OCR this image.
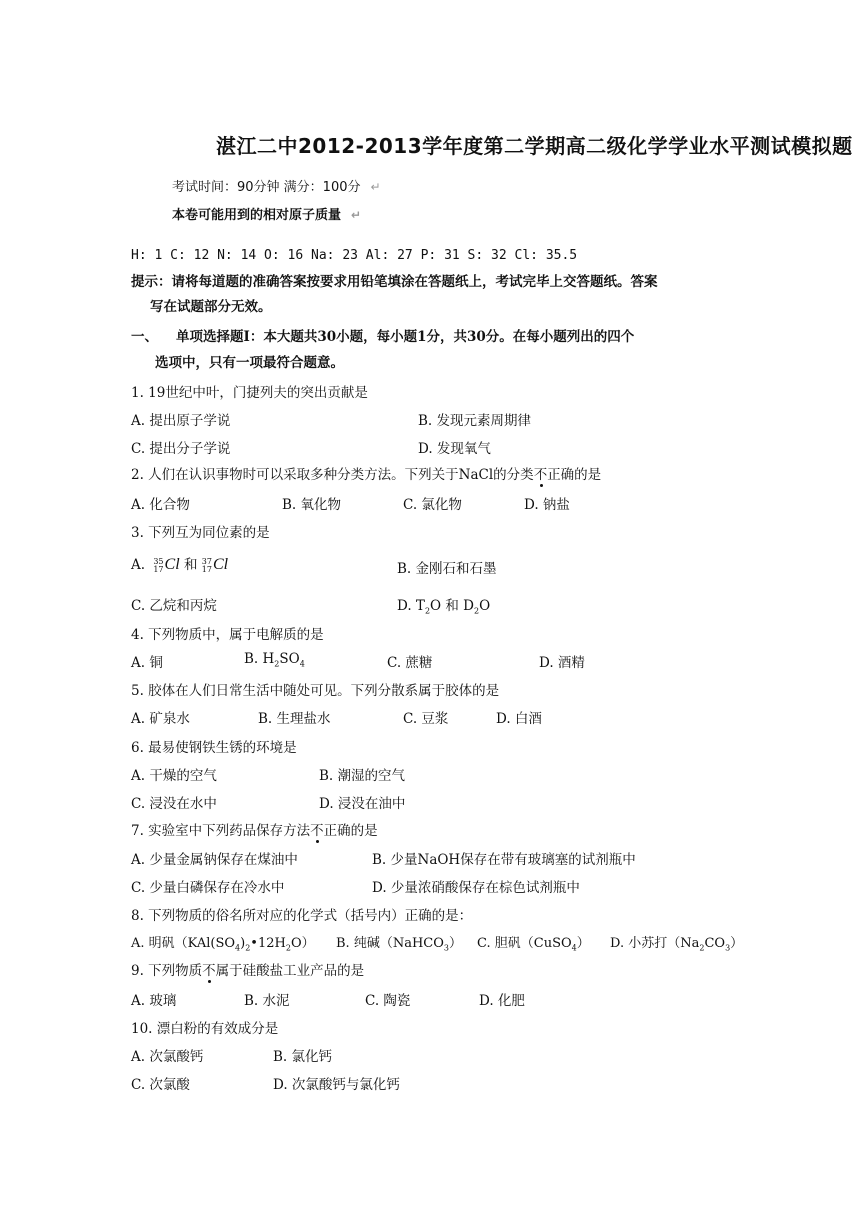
湛江二中2012-2013学年度第二学期高二级化学学业水平测试模拟题
考试时间：90分钟 满分：100分 ↵
本卷可能用到的相对原子质量 ↵
H: 1 C: 12 N: 14 O: 16 Na: 23 Al: 27 P: 31 S: 32 Cl: 35.5
提示：请将每道题的准确答案按要求用铅笔填涂在答题纸上，考试完毕上交答题纸。答案
写在试题部分无效。
一、 单项选择题Ⅰ：本大题共30小题，每小题1分，共30分。在每小题列出的四个
选项中，只有一项最符合题意。
1. 19世纪中叶，门捷列夫的突出贡献是
A. 提出原子学说	B. 发现元素周期律
C. 提出分子学说	D. 发现氧气
2. 人们在认识事物时可以采取多种分类方法。下列关于NaCl的分类不正确的是
A. 化合物	B. 氧化物	C. 氯化物	D. 钠盐
3. 下列互为同位素的是
A. 35
17Cl 和 37
17Cl	B. 金刚石和石墨
C. 乙烷和丙烷	D. $T_2O$ 和 $D_2O$
4. 下列物质中，属于电解质的是
A. 铜	B. $H_2SO_4$	C. 蔗糖	D. 酒精
5. 胶体在人们日常生活中随处可见。下列分散系属于胶体的是
A. 矿泉水	B. 生理盐水	C. 豆浆	D. 白酒
6. 最易使钢铁生锈的环境是
A. 干燥的空气	B. 潮湿的空气
C. 浸没在水中	D. 浸没在油中
7. 实验室中下列药品保存方法不正确的是
A. 少量金属钠保存在煤油中	B. 少量NaOH保存在带有玻璃塞的试剂瓶中
C. 少量白磷保存在冷水中	D. 少量浓硝酸保存在棕色试剂瓶中
8. 下列物质的俗名所对应的化学式（括号内）正确的是：
A. 明矾$(KAl(SO_4)_2•12H_2O)$ B. 纯碱（NaHCO$_3$） C. 胆矾（CuSO$_4$） D. 小苏打$(Na_2CO_3)$
9. 下列物质不属于硅酸盐工业产品的是
A. 玻璃	B. 水泥	C. 陶瓷	D. 化肥
10. 漂白粉的有效成分是
A. 次氯酸钙	B. 氯化钙
C. 次氯酸	D. 次氯酸钙与氯化钙
